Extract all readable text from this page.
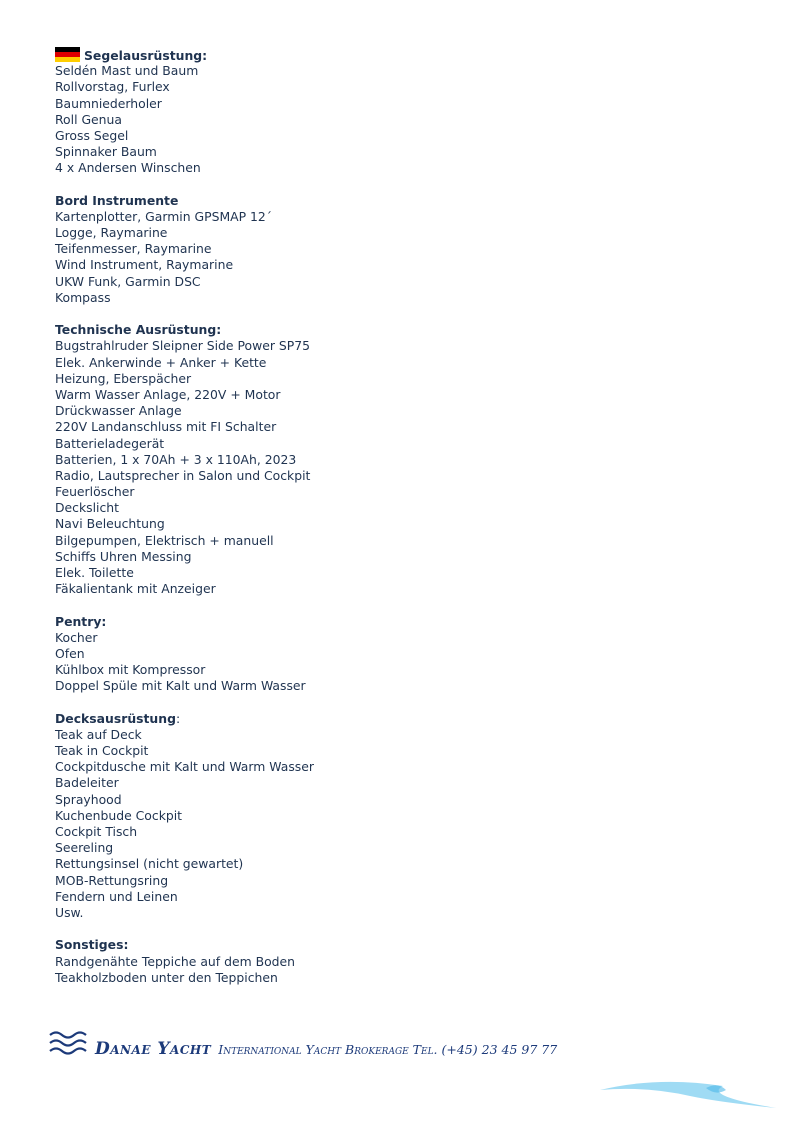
Segelausrüstung:
Seldén Mast und Baum
Rollvorstag, Furlex
Baumniederholer
Roll Genua
Gross Segel
Spinnaker Baum
4 x Andersen Winschen
Bord Instrumente
Kartenplotter, Garmin GPSMAP 12´
Logge, Raymarine
Teifenmesser, Raymarine
Wind Instrument, Raymarine
UKW Funk, Garmin DSC
Kompass
Technische Ausrüstung:
Bugstrahlruder Sleipner Side Power SP75
Elek. Ankerwinde + Anker + Kette
Heizung, Eberspächer
Warm Wasser Anlage, 220V + Motor
Drückwasser Anlage
220V Landanschluss mit FI Schalter
Batterieladegerät
Batterien, 1 x 70Ah + 3 x 110Ah, 2023
Radio, Lautsprecher in Salon und Cockpit
Feuerlöscher
Deckslicht
Navi Beleuchtung
Bilgepumpen, Elektrisch + manuell
Schiffs Uhren Messing
Elek. Toilette
Fäkalientank mit Anzeiger
Pentry:
Kocher
Ofen
Kühlbox mit Kompressor
Doppel Spüle mit Kalt und Warm Wasser
Decksausrüstung:
Teak auf Deck
Teak in Cockpit
Cockpitdusche mit Kalt und Warm Wasser
Badeleiter
Sprayhood
Kuchenbude Cockpit
Cockpit Tisch
Seereling
Rettungsinsel (nicht gewartet)
MOB-Rettungsring
Fendern und Leinen
Usw.
Sonstiges:
Randgenähte Teppiche auf dem Boden
Teakholzboden unter den Teppichen
Danae Yacht International Yacht Brokerage Tel. (+45) 23 45 97 77
